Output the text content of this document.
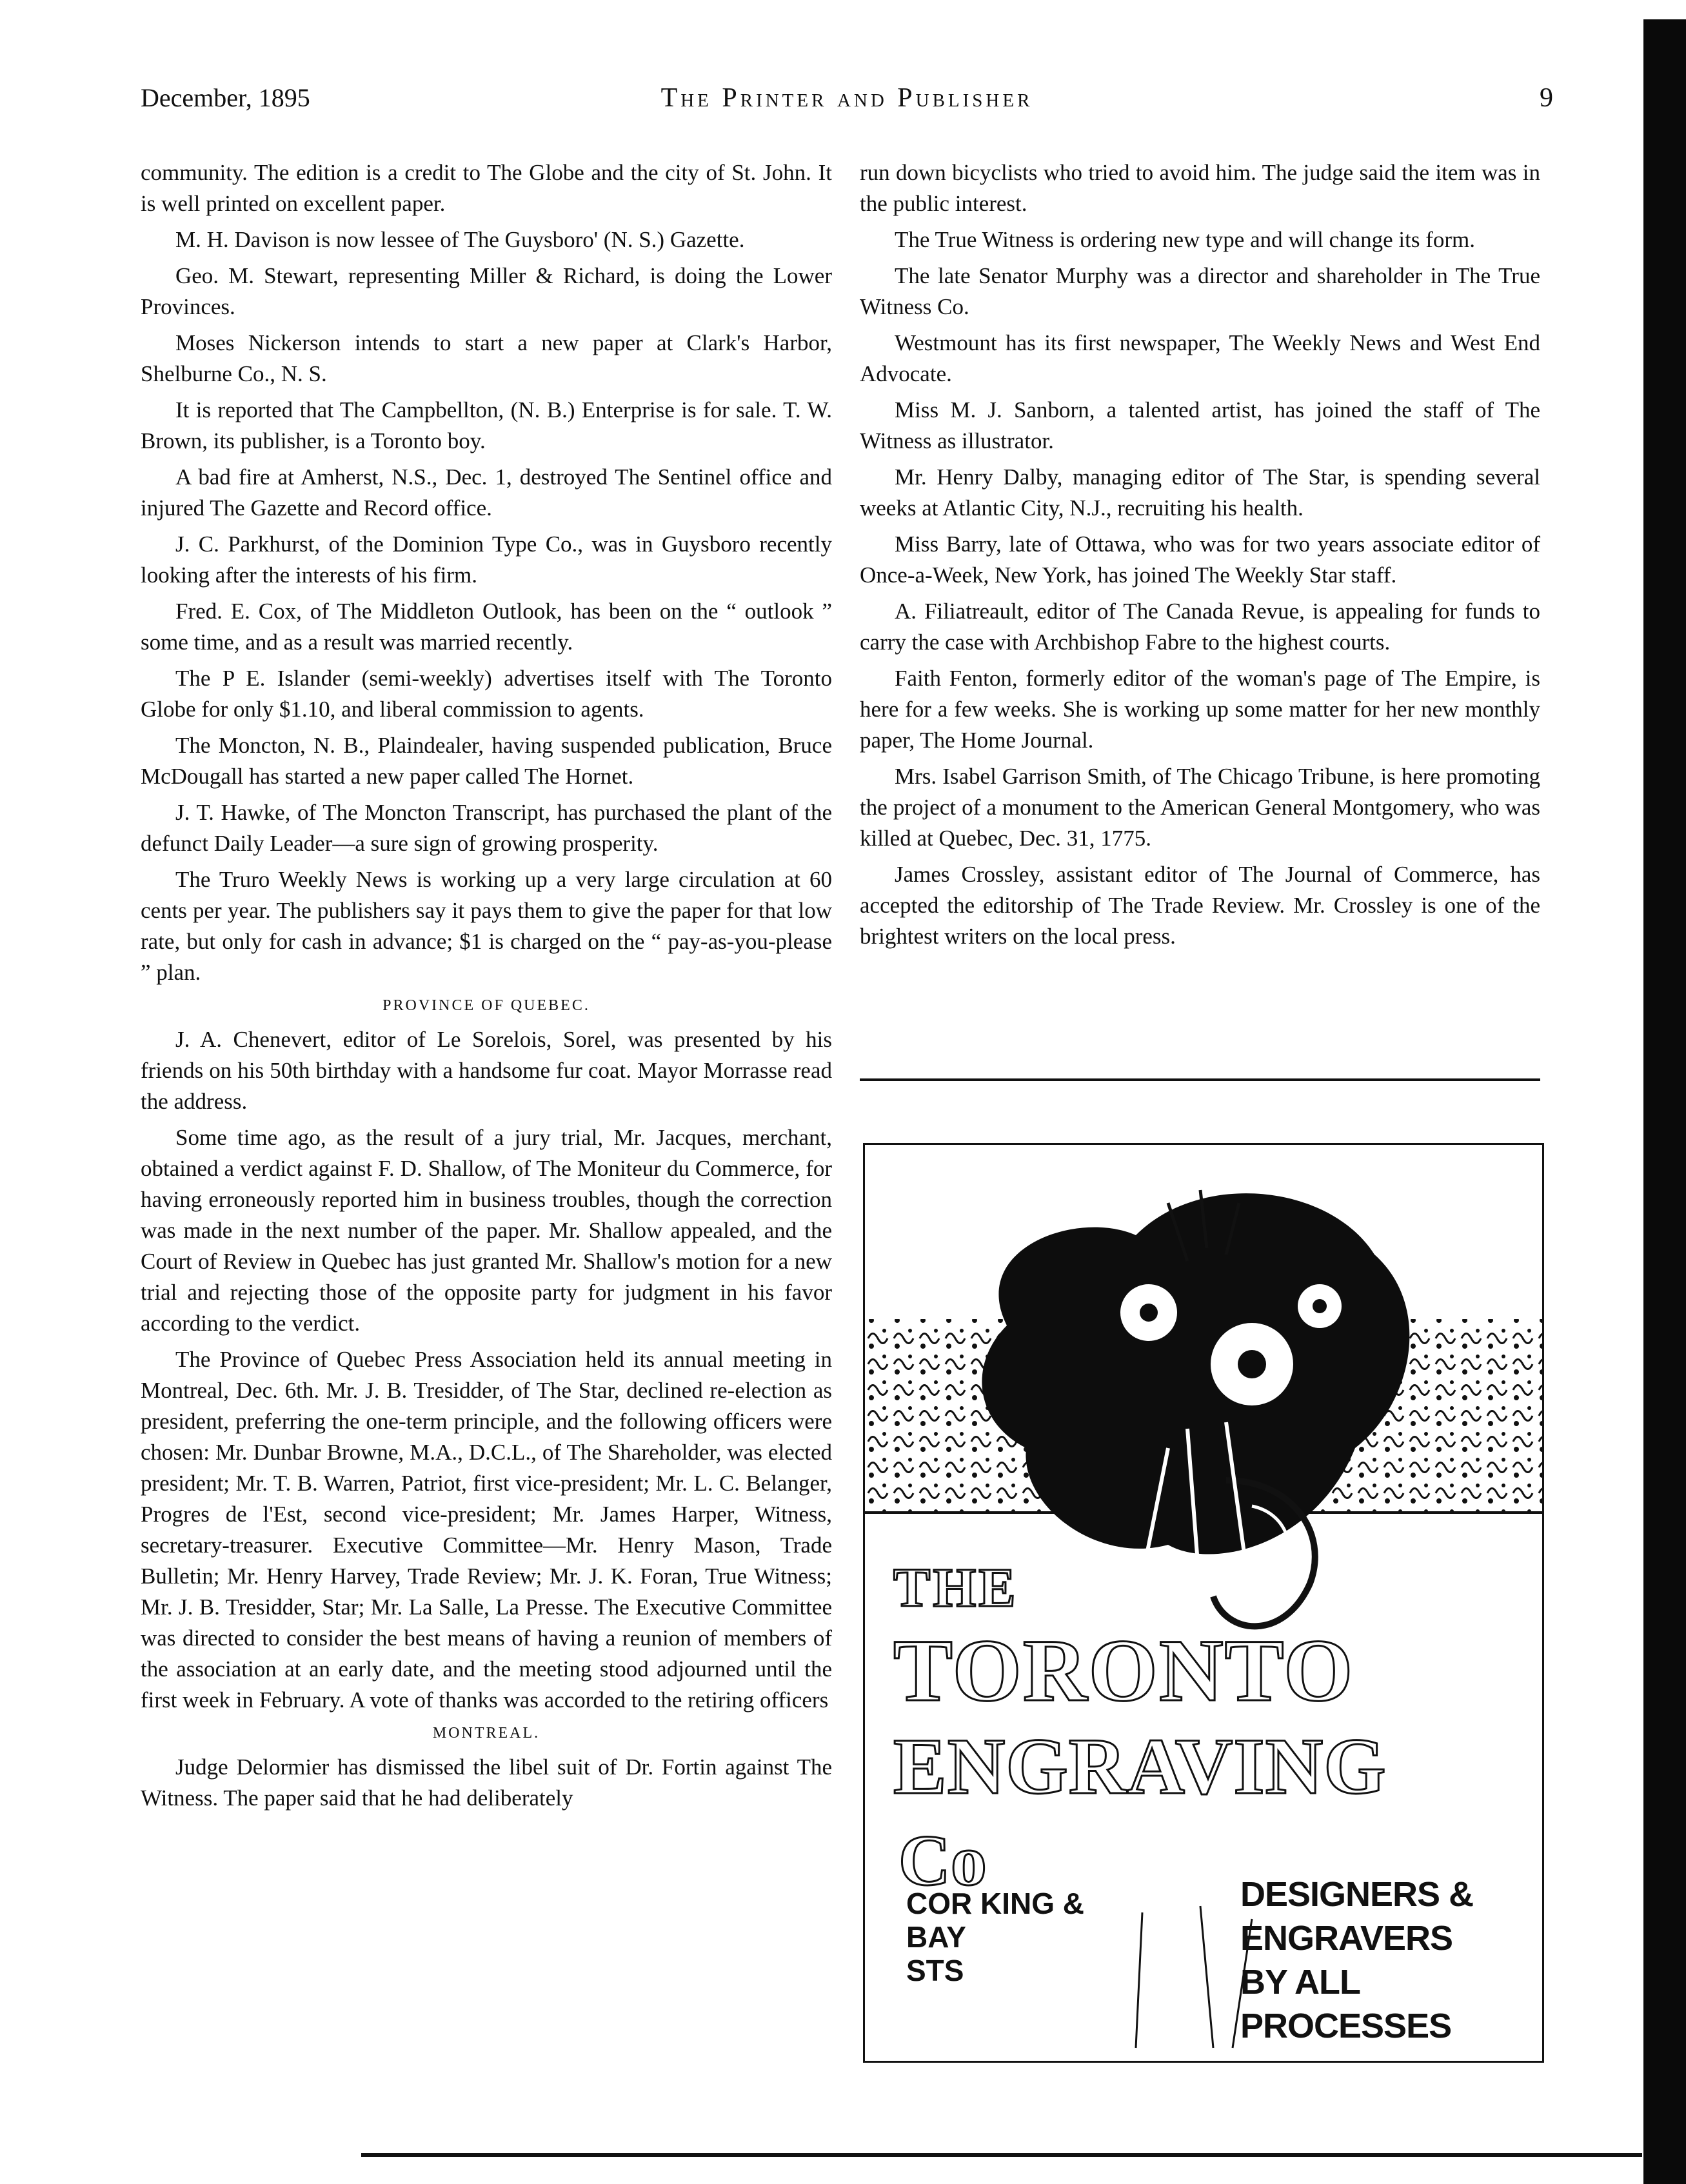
December, 1895	The Printer and Publisher	9

community. The edition is a credit to The Globe and the city of St. John. It is well printed on excellent paper.

M. H. Davison is now lessee of The Guysboro' (N. S.) Gazette.

Geo. M. Stewart, representing Miller & Richard, is doing the Lower Provinces.

Moses Nickerson intends to start a new paper at Clark's Harbor, Shelburne Co., N. S.

It is reported that The Campbellton, (N. B.) Enterprise is for sale. T. W. Brown, its publisher, is a Toronto boy.

A bad fire at Amherst, N.S., Dec. 1, destroyed The Sentinel office and injured The Gazette and Record office.

J. C. Parkhurst, of the Dominion Type Co., was in Guysboro recently looking after the interests of his firm.

Fred. E. Cox, of The Middleton Outlook, has been on the “ outlook ” some time, and as a result was married recently.

The P E. Islander (semi-weekly) advertises itself with The Toronto Globe for only $1.10, and liberal commission to agents.

The Moncton, N. B., Plaindealer, having suspended publication, Bruce McDougall has started a new paper called The Hornet.

J. T. Hawke, of The Moncton Transcript, has purchased the plant of the defunct Daily Leader—a sure sign of growing prosperity.

The Truro Weekly News is working up a very large circulation at 60 cents per year. The publishers say it pays them to give the paper for that low rate, but only for cash in advance; $1 is charged on the “ pay-as-you-please ” plan.

PROVINCE OF QUEBEC.

J. A. Chenevert, editor of Le Sorelois, Sorel, was presented by his friends on his 50th birthday with a handsome fur coat. Mayor Morrasse read the address.

Some time ago, as the result of a jury trial, Mr. Jacques, merchant, obtained a verdict against F. D. Shallow, of The Moniteur du Commerce, for having erroneously reported him in business troubles, though the correction was made in the next number of the paper. Mr. Shallow appealed, and the Court of Review in Quebec has just granted Mr. Shallow's motion for a new trial and rejecting those of the opposite party for judgment in his favor according to the verdict.

The Province of Quebec Press Association held its annual meeting in Montreal, Dec. 6th. Mr. J. B. Tresidder, of The Star, declined re-election as president, preferring the one-term principle, and the following officers were chosen: Mr. Dunbar Browne, M.A., D.C.L., of The Shareholder, was elected president; Mr. T. B. Warren, Patriot, first vice-president; Mr. L. C. Belanger, Progres de l'Est, second vice-president; Mr. James Harper, Witness, secretary-treasurer. Executive Committee—Mr. Henry Mason, Trade Bulletin; Mr. Henry Harvey, Trade Review; Mr. J. K. Foran, True Witness; Mr. J. B. Tresidder, Star; Mr. La Salle, La Presse. The Executive Committee was directed to consider the best means of having a reunion of members of the association at an early date, and the meeting stood adjourned until the first week in February. A vote of thanks was accorded to the retiring officers

MONTREAL.

Judge Delormier has dismissed the libel suit of Dr. Fortin against The Witness. The paper said that he had deliberately

run down bicyclists who tried to avoid him. The judge said the item was in the public interest.

The True Witness is ordering new type and will change its form.

The late Senator Murphy was a director and shareholder in The True Witness Co.

Westmount has its first newspaper, The Weekly News and West End Advocate.

Miss M. J. Sanborn, a talented artist, has joined the staff of The Witness as illustrator.

Mr. Henry Dalby, managing editor of The Star, is spending several weeks at Atlantic City, N.J., recruiting his health.

Miss Barry, late of Ottawa, who was for two years associate editor of Once-a-Week, New York, has joined The Weekly Star staff.

A. Filiatreault, editor of The Canada Revue, is appealing for funds to carry the case with Archbishop Fabre to the highest courts.

Faith Fenton, formerly editor of the woman's page of The Empire, is here for a few weeks. She is working up some matter for her new monthly paper, The Home Journal.

Mrs. Isabel Garrison Smith, of The Chicago Tribune, is here promoting the project of a monument to the American General Montgomery, who was killed at Quebec, Dec. 31, 1775.

James Crossley, assistant editor of The Journal of Commerce, has accepted the editorship of The Trade Review. Mr. Crossley is one of the brightest writers on the local press.

THE
TORONTO
ENGRAVING
Co
COR KING &
BAY
STS
DESIGNERS &
ENGRAVERS
BY ALL
PROCESSES
